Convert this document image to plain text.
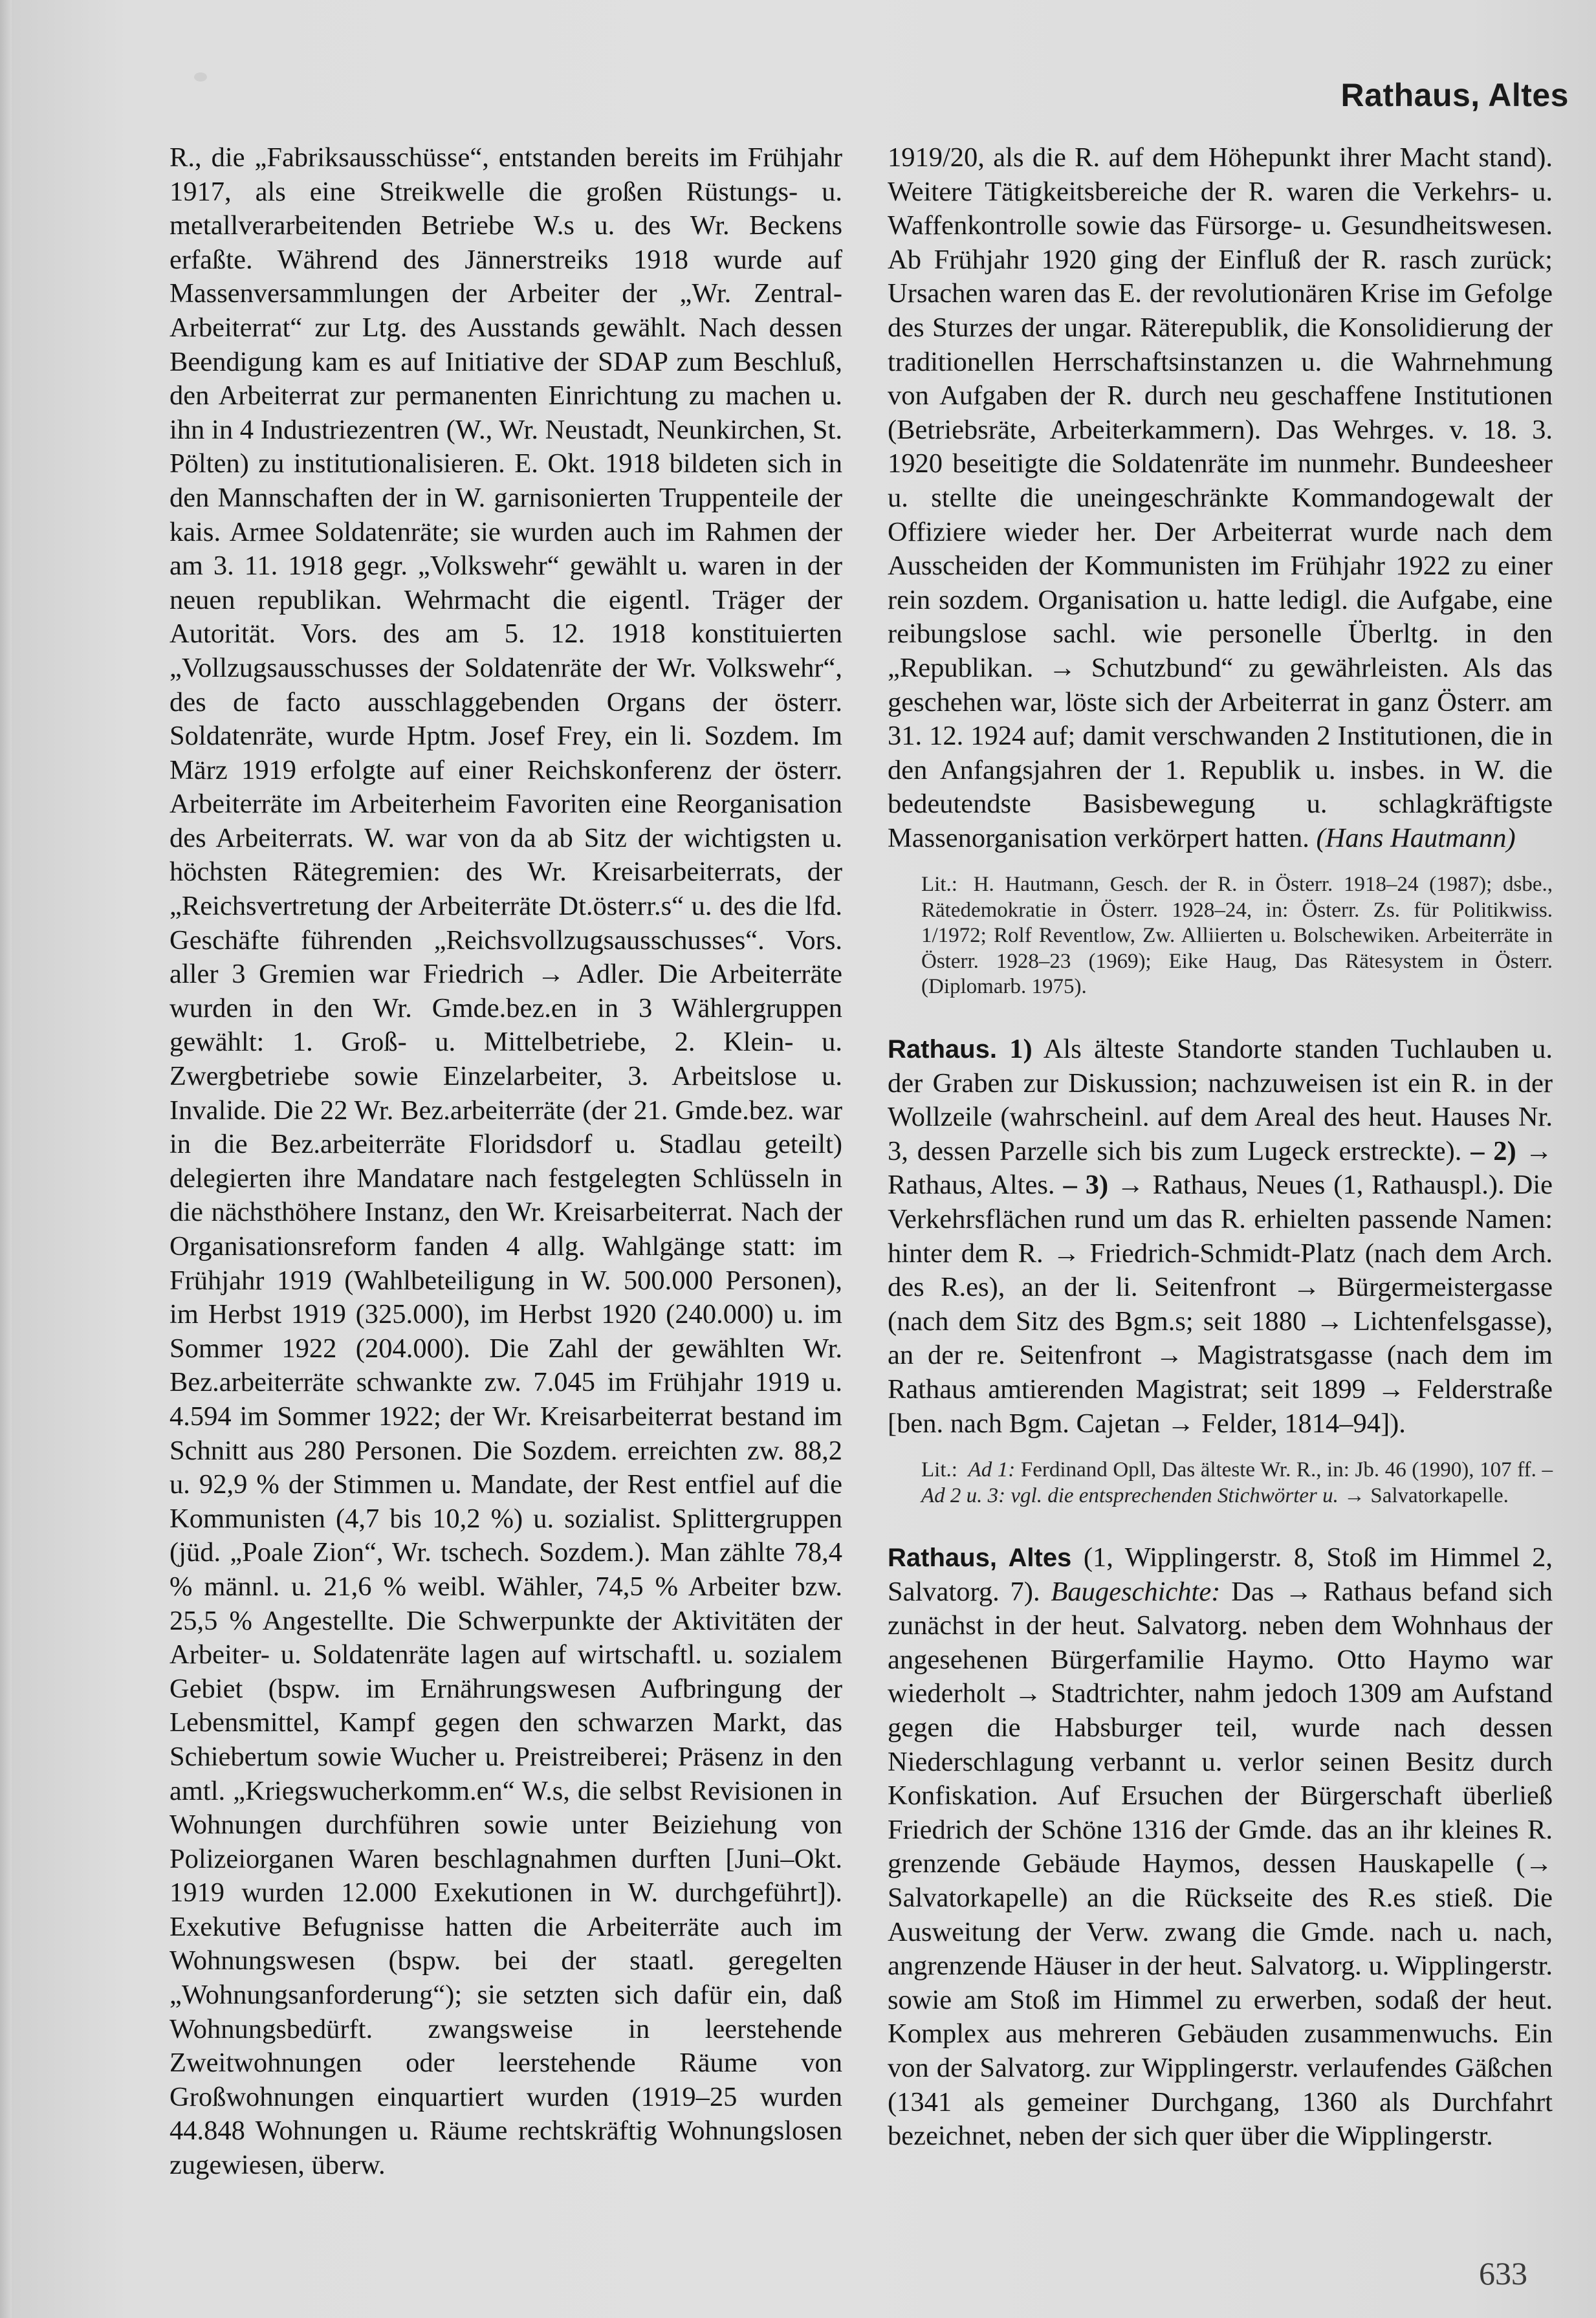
Rathaus, Altes

R., die „Fabriksausschüsse“, entstanden bereits im Frühjahr 1917, als eine Streikwelle die großen Rüstungs- u. metallverarbeitenden Betriebe W.s u. des Wr. Beckens erfaßte. Während des Jännerstreiks 1918 wurde auf Massenversammlungen der Arbeiter der „Wr. Zentral-Arbeiterrat“ zur Ltg. des Ausstands gewählt. Nach dessen Beendigung kam es auf Initiative der SDAP zum Beschluß, den Arbeiterrat zur permanenten Einrichtung zu machen u. ihn in 4 Industriezentren (W., Wr. Neustadt, Neunkirchen, St. Pölten) zu institutionalisieren. E. Okt. 1918 bildeten sich in den Mannschaften der in W. garnisonierten Truppenteile der kais. Armee Soldatenräte; sie wurden auch im Rahmen der am 3. 11. 1918 gegr. „Volkswehr“ gewählt u. waren in der neuen republikan. Wehrmacht die eigentl. Träger der Autorität. Vors. des am 5. 12. 1918 konstituierten „Vollzugsausschusses der Soldatenräte der Wr. Volkswehr“, des de facto ausschlaggebenden Organs der österr. Soldatenräte, wurde Hptm. Josef Frey, ein li. Sozdem. Im März 1919 erfolgte auf einer Reichskonferenz der österr. Arbeiterräte im Arbeiterheim Favoriten eine Reorganisation des Arbeiterrats. W. war von da ab Sitz der wichtigsten u. höchsten Rätegremien: des Wr. Kreisarbeiterrats, der „Reichsvertretung der Arbeiterräte Dt.österr.s“ u. des die lfd. Geschäfte führenden „Reichsvollzugsausschusses“. Vors. aller 3 Gremien war Friedrich → Adler. Die Arbeiterräte wurden in den Wr. Gmde.bez.en in 3 Wählergruppen gewählt: 1. Groß- u. Mittelbetriebe, 2. Klein- u. Zwergbetriebe sowie Einzelarbeiter, 3. Arbeitslose u. Invalide. Die 22 Wr. Bez.arbeiterräte (der 21. Gmde.bez. war in die Bez.arbeiterräte Floridsdorf u. Stadlau geteilt) delegierten ihre Mandatare nach festgelegten Schlüsseln in die nächsthöhere Instanz, den Wr. Kreisarbeiterrat. Nach der Organisationsreform fanden 4 allg. Wahlgänge statt: im Frühjahr 1919 (Wahlbeteiligung in W. 500.000 Personen), im Herbst 1919 (325.000), im Herbst 1920 (240.000) u. im Sommer 1922 (204.000). Die Zahl der gewählten Wr. Bez.arbeiterräte schwankte zw. 7.045 im Frühjahr 1919 u. 4.594 im Sommer 1922; der Wr. Kreisarbeiterrat bestand im Schnitt aus 280 Personen. Die Sozdem. erreichten zw. 88,2 u. 92,9 % der Stimmen u. Mandate, der Rest entfiel auf die Kommunisten (4,7 bis 10,2 %) u. sozialist. Splittergruppen (jüd. „Poale Zion“, Wr. tschech. Sozdem.). Man zählte 78,4 % männl. u. 21,6 % weibl. Wähler, 74,5 % Arbeiter bzw. 25,5 % Angestellte. Die Schwerpunkte der Aktivitäten der Arbeiter- u. Soldatenräte lagen auf wirtschaftl. u. sozialem Gebiet (bspw. im Ernährungswesen Aufbringung der Lebensmittel, Kampf gegen den schwarzen Markt, das Schiebertum sowie Wucher u. Preistreiberei; Präsenz in den amtl. „Kriegswucherkomm.en“ W.s, die selbst Revisionen in Wohnungen durchführen sowie unter Beiziehung von Polizeiorganen Waren beschlagnahmen durften [Juni–Okt. 1919 wurden 12.000 Exekutionen in W. durchgeführt]). Exekutive Befugnisse hatten die Arbeiterräte auch im Wohnungswesen (bspw. bei der staatl. geregelten „Wohnungsanforderung“); sie setzten sich dafür ein, daß Wohnungsbedürft. zwangsweise in leerstehende Zweitwohnungen oder leerstehende Räume von Großwohnungen einquartiert wurden (1919–25 wurden 44.848 Wohnungen u. Räume rechtskräftig Wohnungslosen zugewiesen, überw.

1919/20, als die R. auf dem Höhepunkt ihrer Macht stand). Weitere Tätigkeitsbereiche der R. waren die Verkehrs- u. Waffenkontrolle sowie das Fürsorge- u. Gesundheitswesen. Ab Frühjahr 1920 ging der Einfluß der R. rasch zurück; Ursachen waren das E. der revolutionären Krise im Gefolge des Sturzes der ungar. Räterepublik, die Konsolidierung der traditionellen Herrschaftsinstanzen u. die Wahrnehmung von Aufgaben der R. durch neu geschaffene Institutionen (Betriebsräte, Arbeiterkammern). Das Wehrges. v. 18. 3. 1920 beseitigte die Soldatenräte im nunmehr. Bundeesheer u. stellte die uneingeschränkte Kommandogewalt der Offiziere wieder her. Der Arbeiterrat wurde nach dem Ausscheiden der Kommunisten im Frühjahr 1922 zu einer rein sozdem. Organisation u. hatte ledigl. die Aufgabe, eine reibungslose sachl. wie personelle Überltg. in den „Republikan. → Schutzbund“ zu gewährleisten. Als das geschehen war, löste sich der Arbeiterrat in ganz Österr. am 31. 12. 1924 auf; damit verschwanden 2 Institutionen, die in den Anfangsjahren der 1. Republik u. insbes. in W. die bedeutendste Basisbewegung u. schlagkräftigste Massenorganisation verkörpert hatten. (Hans Hautmann)

Lit.: H. Hautmann, Gesch. der R. in Österr. 1918–24 (1987); dsbe., Rätedemokratie in Österr. 1928–24, in: Österr. Zs. für Politikwiss. 1/1972; Rolf Reventlow, Zw. Alliierten u. Bolschewiken. Arbeiterräte in Österr. 1928–23 (1969); Eike Haug, Das Rätesystem in Österr. (Diplomarb. 1975).

Rathaus. 1) Als älteste Standorte standen Tuchlauben u. der Graben zur Diskussion; nachzuweisen ist ein R. in der Wollzeile (wahrscheinl. auf dem Areal des heut. Hauses Nr. 3, dessen Parzelle sich bis zum Lugeck erstreckte). – 2) → Rathaus, Altes. – 3) → Rathaus, Neues (1, Rathauspl.). Die Verkehrsflächen rund um das R. erhielten passende Namen: hinter dem R. → Friedrich-Schmidt-Platz (nach dem Arch. des R.es), an der li. Seitenfront → Bürgermeistergasse (nach dem Sitz des Bgm.s; seit 1880 → Lichtenfelsgasse), an der re. Seitenfront → Magistratsgasse (nach dem im Rathaus amtierenden Magistrat; seit 1899 → Felderstraße [ben. nach Bgm. Cajetan → Felder, 1814–94]).

Lit.: Ad 1: Ferdinand Opll, Das älteste Wr. R., in: Jb. 46 (1990), 107 ff. – Ad 2 u. 3: vgl. die entsprechenden Stichwörter u. → Salvatorkapelle.

Rathaus, Altes (1, Wipplingerstr. 8, Stoß im Himmel 2, Salvatorg. 7). Baugeschichte: Das → Rathaus befand sich zunächst in der heut. Salvatorg. neben dem Wohnhaus der angesehenen Bürgerfamilie Haymo. Otto Haymo war wiederholt → Stadtrichter, nahm jedoch 1309 am Aufstand gegen die Habsburger teil, wurde nach dessen Niederschlagung verbannt u. verlor seinen Besitz durch Konfiskation. Auf Ersuchen der Bürgerschaft überließ Friedrich der Schöne 1316 der Gmde. das an ihr kleines R. grenzende Gebäude Haymos, dessen Hauskapelle (→ Salvatorkapelle) an die Rückseite des R.es stieß. Die Ausweitung der Verw. zwang die Gmde. nach u. nach, angrenzende Häuser in der heut. Salvatorg. u. Wipplingerstr. sowie am Stoß im Himmel zu erwerben, sodaß der heut. Komplex aus mehreren Gebäuden zusammenwuchs. Ein von der Salvatorg. zur Wipplingerstr. verlaufendes Gäßchen (1341 als gemeiner Durchgang, 1360 als Durchfahrt bezeichnet, neben der sich quer über die Wipplingerstr.

633
